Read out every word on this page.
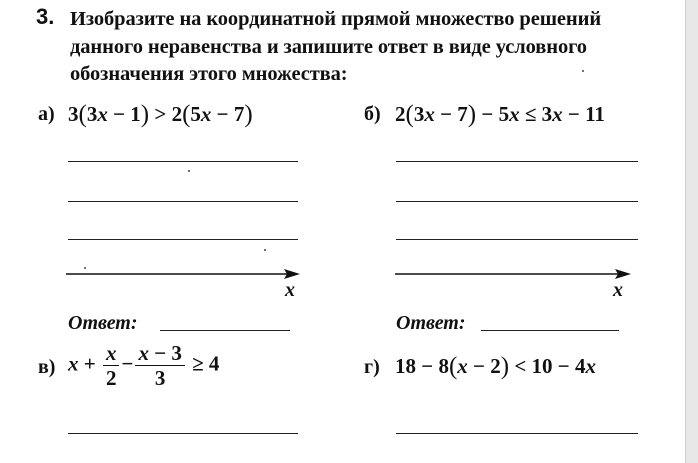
3. Изобразите на координатной прямой множество решений
данного неравенства и запишите ответ в виде условного
обозначения этого множества:
а) 3(3x − 1) > 2(5x − 7)	б) 2(3x − 7) − 5x ≤ 3x − 11
x	x
Ответ:	Ответ:
в) $x + \frac{x}{2} - \frac{x - 3}{3} \ge 4$	г) 18 − 8(x − 2) < 10 − 4x
